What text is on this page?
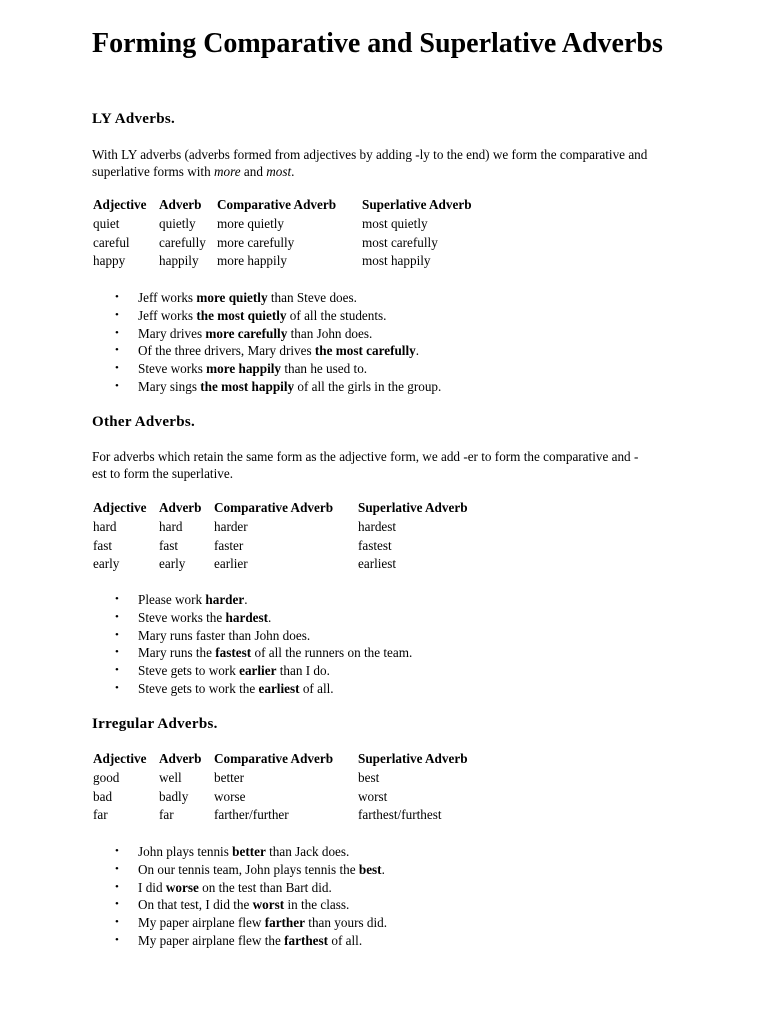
Forming Comparative and Superlative Adverbs
LY Adverbs.

With LY adverbs (adverbs formed from adjectives by adding -ly to the end) we form the comparative and superlative forms with more and most.

Adjective	Adverb	Comparative Adverb	Superlative Adverb
quiet	quietly	more quietly	most quietly
careful	carefully	more carefully	most carefully
happy	happily	more happily	most happily
• Jeff works more quietly than Steve does.
• Jeff works the most quietly of all the students.
• Mary drives more carefully than John does.
• Of the three drivers, Mary drives the most carefully.
• Steve works more happily than he used to.
• Mary sings the most happily of all the girls in the group.
Other Adverbs.

For adverbs which retain the same form as the adjective form, we add -er to form the comparative and -est to form the superlative.

Adjective	Adverb	Comparative Adverb	Superlative Adverb
hard	hard	harder	hardest
fast	fast	faster	fastest
early	early	earlier	earliest
• Please work harder.
• Steve works the hardest.
• Mary runs faster than John does.
• Mary runs the fastest of all the runners on the team.
• Steve gets to work earlier than I do.
• Steve gets to work the earliest of all.
Irregular Adverbs.
Adjective	Adverb	Comparative Adverb	Superlative Adverb
good	well	better	best
bad	badly	worse	worst
far	far	farther/further	farthest/furthest
• John plays tennis better than Jack does.
• On our tennis team, John plays tennis the best.
• I did worse on the test than Bart did.
• On that test, I did the worst in the class.
• My paper airplane flew farther than yours did.
• My paper airplane flew the farthest of all.
